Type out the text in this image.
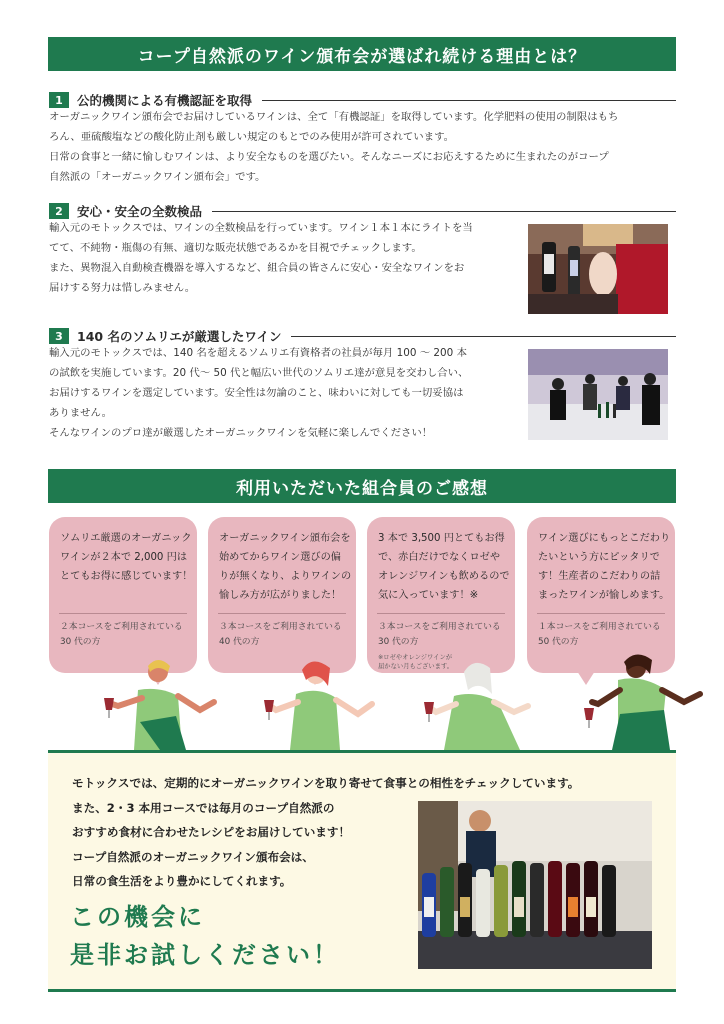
コープ自然派のワイン頒布会が選ばれ続ける理由とは？
1	公的機関による有機認証を取得

オーガニックワイン頒布会でお届けしているワインは、全て「有機認証」を取得しています。化学肥料の使用の制限はもち

ろん、亜硫酸塩などの酸化防止剤も厳しい規定のもとでのみ使用が許可されています。

日常の食事と一緒に愉しむワインは、より安全なものを選びたい。そんなニーズにお応えするために生まれたのがコープ

自然派の「オーガニックワイン頒布会」です。

2	安心・安全の全数検品

輸入元のモトックスでは、ワインの全数検品を行っています。ワイン１本１本にライトを当

てて、不純物・瓶傷の有無、適切な販売状態であるかを目視でチェックします。

また、異物混入自動検査機器を導入するなど、組合員の皆さんに安心・安全なワインをお

届けする努力は惜しみません。

3	140 名のソムリエが厳選したワイン

輸入元のモトックスでは、140 名を超えるソムリエ有資格者の社員が毎月 100 〜 200 本

の試飲を実施しています。20 代〜 50 代と幅広い世代のソムリエ達が意見を交わし合い、

お届けするワインを選定しています。安全性は勿論のこと、味わいに対しても一切妥協は

ありません。

そんなワインのプロ達が厳選したオーガニックワインを気軽に楽しんでください！

利用いただいた組合員のご感想

ソムリエ厳選のオーガニック

ワインが２本で 2,000 円は

とてもお得に感じています！

２本コースをご利用されている

30 代の方

オーガニックワイン頒布会を

始めてからワイン選びの偏

りが無くなり、よりワインの

愉しみ方が広がりました！

３本コースをご利用されている

40 代の方

3 本で 3,500 円とてもお得

で、赤白だけでなくロゼや

オレンジワインも飲めるので

気に入っています！※

３本コースをご利用されている

30 代の方

※ロゼやオレンジワインが

届かない月もございます。

ワイン選びにもっとこだわり

たいという方にピッタリで

す！生産者のこだわりの詰

まったワインが愉しめます。

１本コースをご利用されている

50 代の方

モトックスでは、定期的にオーガニックワインを取り寄せて食事との相性をチェックしています。

また、2・3 本用コースでは毎月のコープ自然派の

おすすめ食材に合わせたレシピをお届けしています！

コープ自然派のオーガニックワイン頒布会は、

日常の食生活をより豊かにしてくれます。

この機会に

是非お試しください！
